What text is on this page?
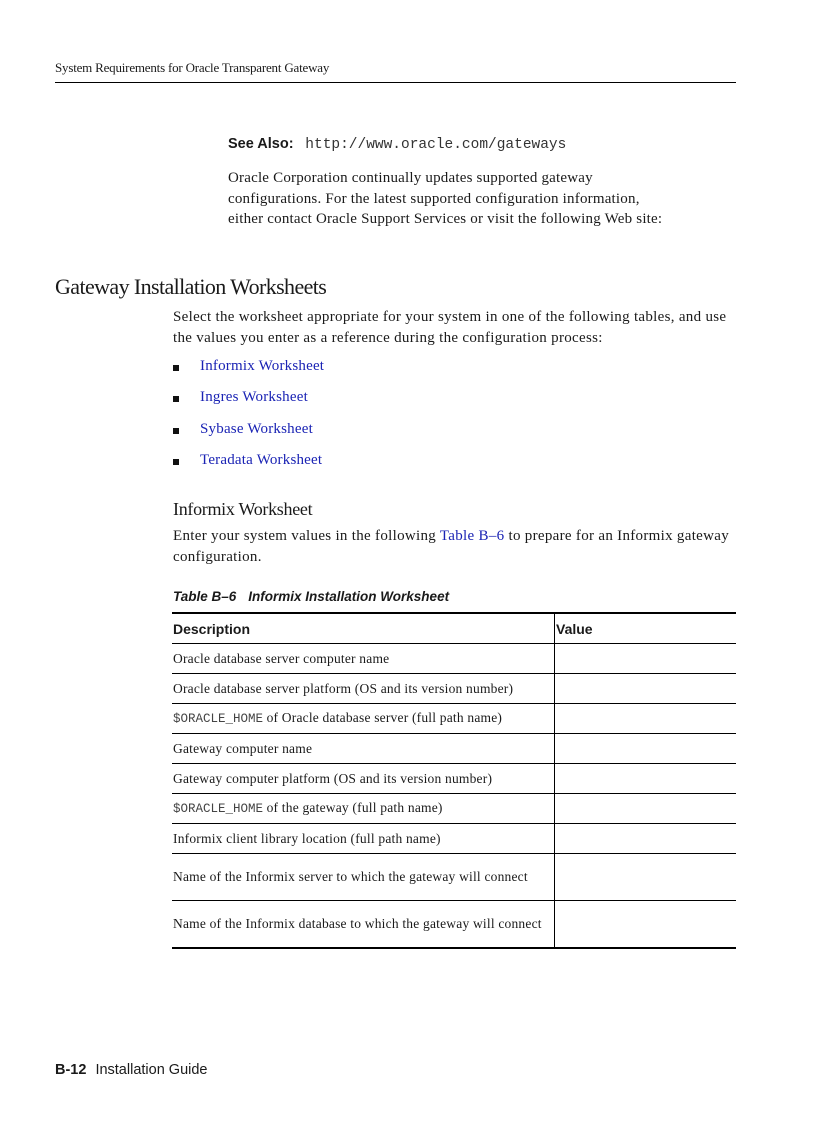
System Requirements for Oracle Transparent Gateway
See Also: http://www.oracle.com/gateways
Oracle Corporation continually updates supported gateway configurations. For the latest supported configuration information, either contact Oracle Support Services or visit the following Web site:
Gateway Installation Worksheets
Select the worksheet appropriate for your system in one of the following tables, and use the values you enter as a reference during the configuration process:
Informix Worksheet
Ingres Worksheet
Sybase Worksheet
Teradata Worksheet
Informix Worksheet
Enter your system values in the following Table B–6 to prepare for an Informix gateway configuration.
Table B–6 Informix Installation Worksheet
Description	Value
Oracle database server computer name	
Oracle database server platform (OS and its version number)	
$ORACLE_HOME of Oracle database server (full path name)	
Gateway computer name	
Gateway computer platform (OS and its version number)	
$ORACLE_HOME of the gateway (full path name)	
Informix client library location (full path name)	
Name of the Informix server to which the gateway will connect	
Name of the Informix database to which the gateway will connect	
B-12 Installation Guide
